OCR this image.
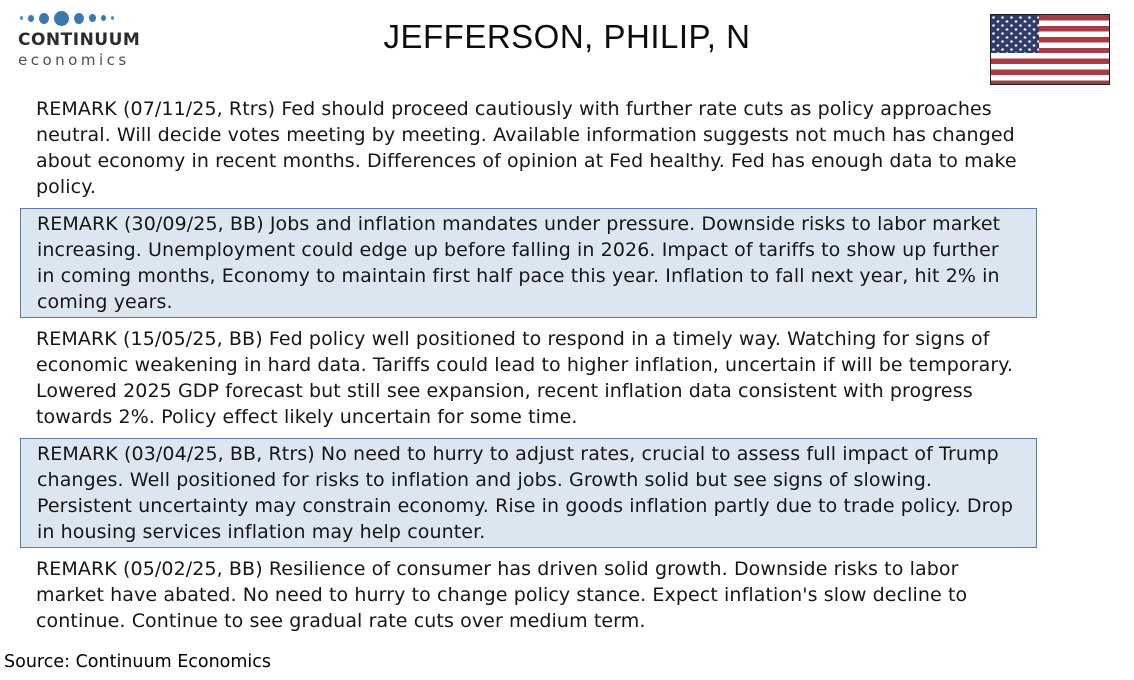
CONTINUUM
economics
JEFFERSON, PHILIP, N
REMARK (07/11/25, Rtrs) Fed should proceed cautiously with further rate cuts as policy approaches neutral. Will decide votes meeting by meeting. Available information suggests not much has changed about economy in recent months. Differences of opinion at Fed healthy. Fed has enough data to make policy.
REMARK (30/09/25, BB) Jobs and inflation mandates under pressure. Downside risks to labor market increasing. Unemployment could edge up before falling in 2026. Impact of tariffs to show up further in coming months, Economy to maintain first half pace this year. Inflation to fall next year, hit 2% in coming years.
REMARK (15/05/25, BB) Fed policy well positioned to respond in a timely way. Watching for signs of economic weakening in hard data. Tariffs could lead to higher inflation, uncertain if will be temporary. Lowered 2025 GDP forecast but still see expansion, recent inflation data consistent with progress towards 2%. Policy effect likely uncertain for some time.
REMARK (03/04/25, BB, Rtrs) No need to hurry to adjust rates, crucial to assess full impact of Trump changes. Well positioned for risks to inflation and jobs. Growth solid but see signs of slowing. Persistent uncertainty may constrain economy. Rise in goods inflation partly due to trade policy. Drop in housing services inflation may help counter.
REMARK (05/02/25, BB) Resilience of consumer has driven solid growth. Downside risks to labor market have abated. No need to hurry to change policy stance. Expect inflation's slow decline to continue. Continue to see gradual rate cuts over medium term.
Source: Continuum Economics
